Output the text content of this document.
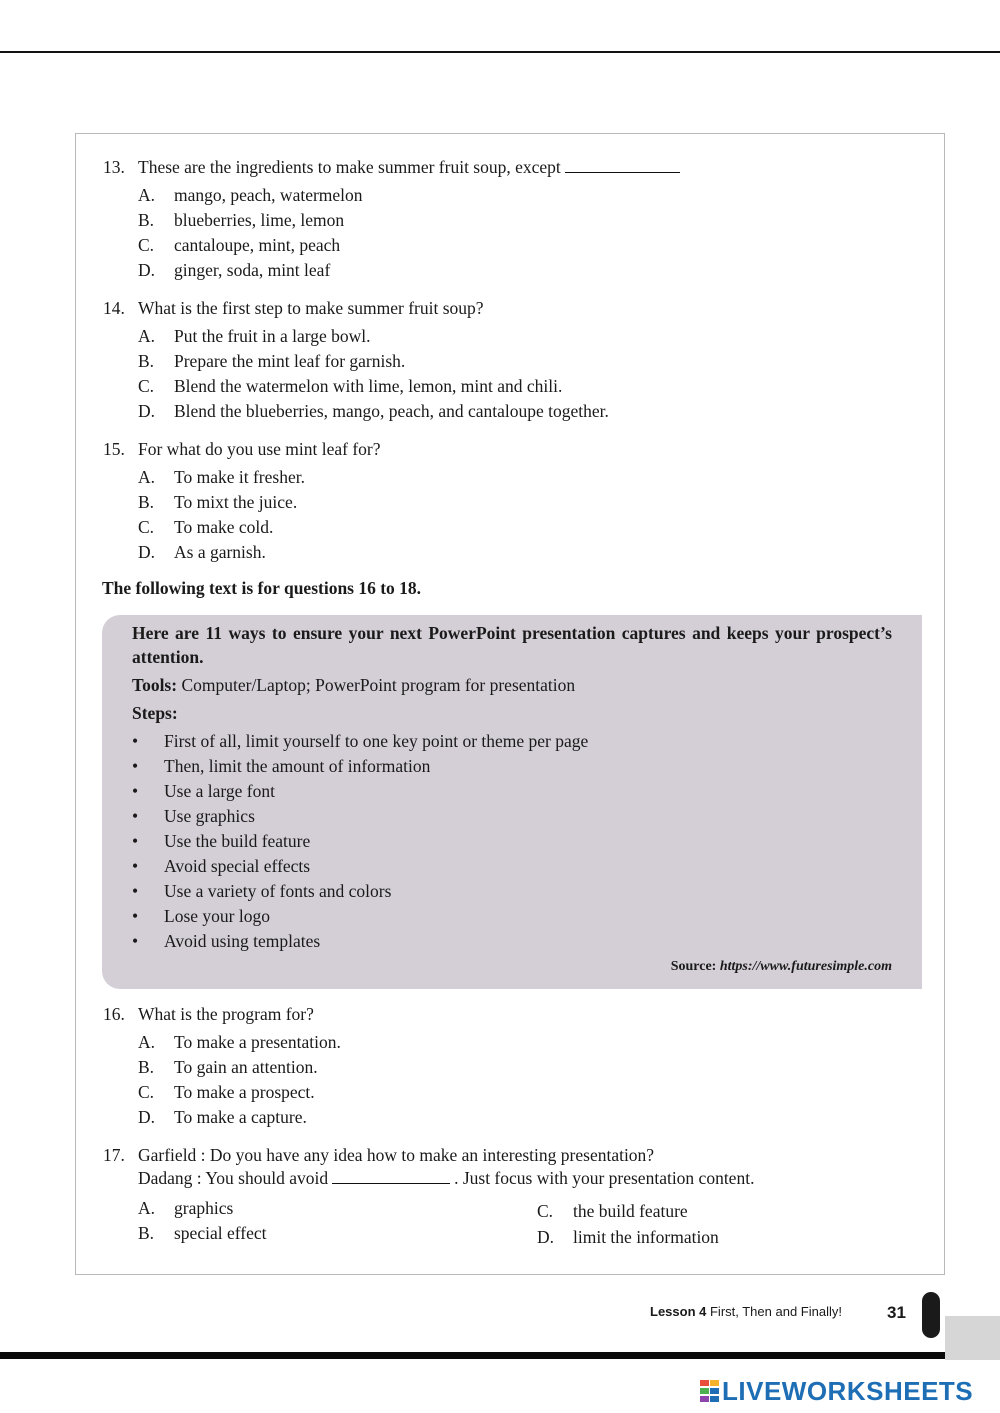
13. These are the ingredients to make summer fruit soup, except
A. mango, peach, watermelon
B. blueberries, lime, lemon
C. cantaloupe, mint, peach
D. ginger, soda, mint leaf
14. What is the first step to make summer fruit soup?
A. Put the fruit in a large bowl.
B. Prepare the mint leaf for garnish.
C. Blend the watermelon with lime, lemon, mint and chili.
D. Blend the blueberries, mango, peach, and cantaloupe together.
15. For what do you use mint leaf for?
A. To make it fresher.
B. To mixt the juice.
C. To make cold.
D. As a garnish.
The following text is for questions 16 to 18.
Here are 11 ways to ensure your next PowerPoint presentation captures and keeps your prospect’s attention.
Tools: Computer/Laptop; PowerPoint program for presentation
Steps:
• First of all, limit yourself to one key point or theme per page
• Then, limit the amount of information
• Use a large font
• Use graphics
• Use the build feature
• Avoid special effects
• Use a variety of fonts and colors
• Lose your logo
• Avoid using templates
Source: https://www.futuresimple.com
16. What is the program for?
A. To make a presentation.
B. To gain an attention.
C. To make a prospect.
D. To make a capture.
17. Garfield : Do you have any idea how to make an interesting presentation?
Dadang : You should avoid	. Just focus with your presentation content.
A. graphics
B. special effect
C. the build feature
D. limit the information
Lesson 4 First, Then and Finally!	31
LIVEWORKSHEETS
